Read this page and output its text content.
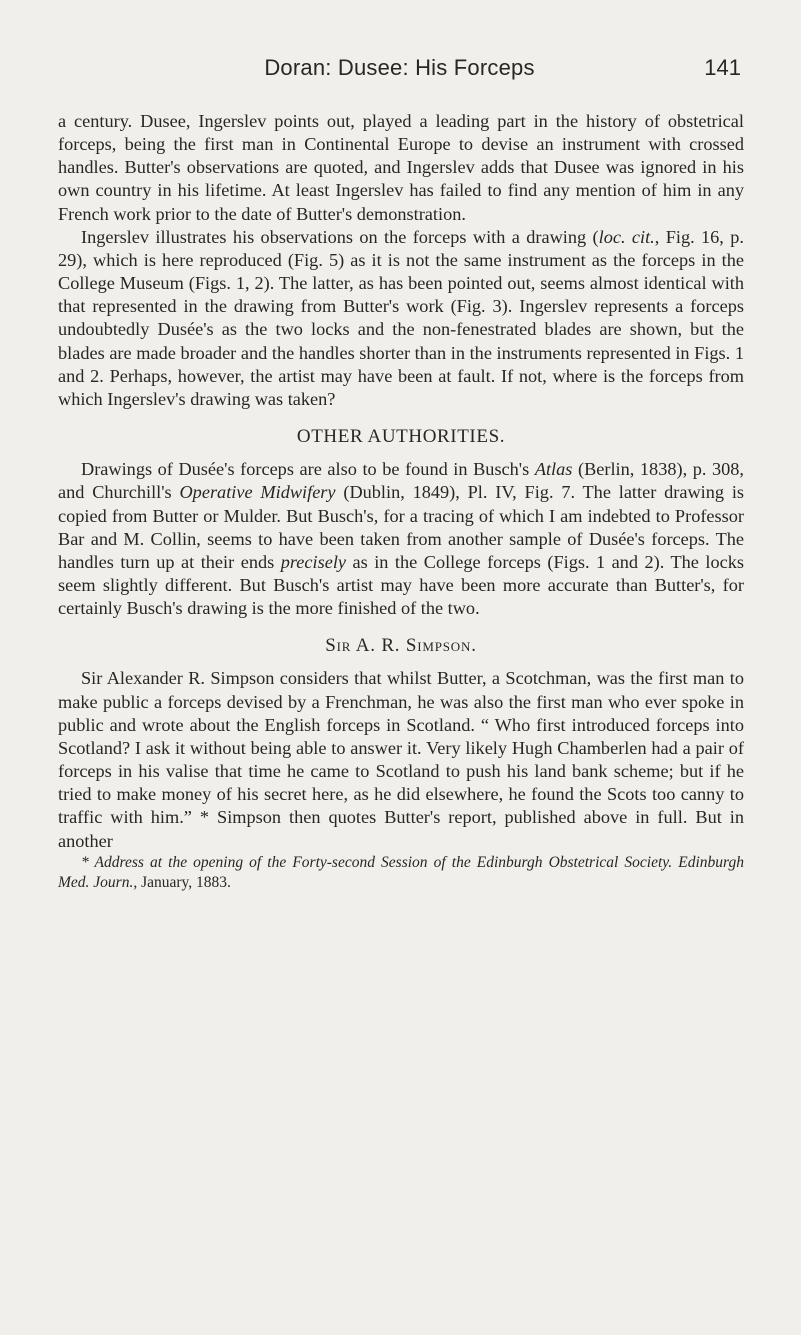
Doran: Dusee: His Forceps	141

a century. Dusee, Ingerslev points out, played a leading part in the history of obstetrical forceps, being the first man in Continental Europe to devise an instrument with crossed handles. Butter's observations are quoted, and Ingerslev adds that Dusee was ignored in his own country in his lifetime. At least Ingerslev has failed to find any mention of him in any French work prior to the date of Butter's demonstration.

Ingerslev illustrates his observations on the forceps with a drawing (loc. cit., Fig. 16, p. 29), which is here reproduced (Fig. 5) as it is not the same instrument as the forceps in the College Museum (Figs. 1, 2). The latter, as has been pointed out, seems almost identical with that represented in the drawing from Butter's work (Fig. 3). Ingerslev represents a forceps undoubtedly Dusée's as the two locks and the non-fenestrated blades are shown, but the blades are made broader and the handles shorter than in the instruments represented in Figs. 1 and 2. Perhaps, however, the artist may have been at fault. If not, where is the forceps from which Ingerslev's drawing was taken?

OTHER AUTHORITIES.

Drawings of Dusée's forceps are also to be found in Busch's Atlas (Berlin, 1838), p. 308, and Churchill's Operative Midwifery (Dublin, 1849), Pl. IV, Fig. 7. The latter drawing is copied from Butter or Mulder. But Busch's, for a tracing of which I am indebted to Professor Bar and M. Collin, seems to have been taken from another sample of Dusée's forceps. The handles turn up at their ends precisely as in the College forceps (Figs. 1 and 2). The locks seem slightly different. But Busch's artist may have been more accurate than Butter's, for certainly Busch's drawing is the more finished of the two.

Sir A. R. Simpson.

Sir Alexander R. Simpson considers that whilst Butter, a Scotchman, was the first man to make public a forceps devised by a Frenchman, he was also the first man who ever spoke in public and wrote about the English forceps in Scotland. “ Who first introduced forceps into Scotland? I ask it without being able to answer it. Very likely Hugh Chamberlen had a pair of forceps in his valise that time he came to Scotland to push his land bank scheme; but if he tried to make money of his secret here, as he did elsewhere, he found the Scots too canny to traffic with him.” * Simpson then quotes Butter's report, published above in full. But in another

* Address at the opening of the Forty-second Session of the Edinburgh Obstetrical Society. Edinburgh Med. Journ., January, 1883.
